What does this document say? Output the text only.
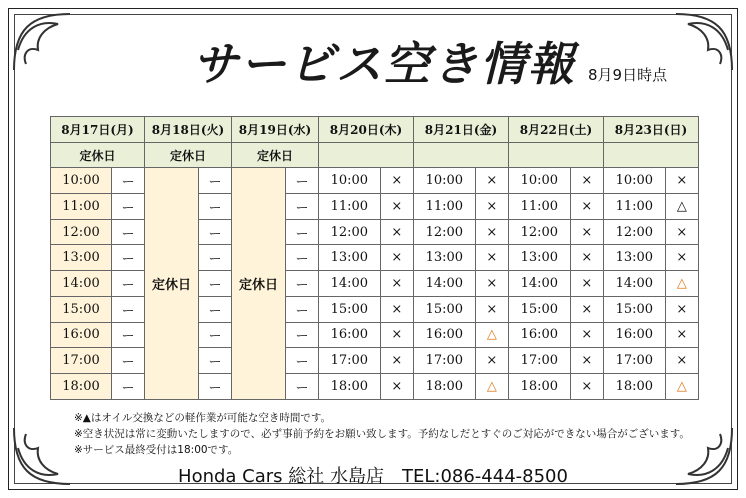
サービス空き情報 8月9日時点
8月17日(月)		8月18日(火)		8月19日(水)		8月20日(木)		8月21日(金)		8月22日(土)		8月23日(日)	
定休日		定休日		定休日									
10:00	ー	定休日	ー	定休日	ー	10:00	×	10:00	×	10:00	×	10:00	×
11:00	ー		ー		ー	11:00	×	11:00	×	11:00	×	11:00	△
12:00	ー		ー		ー	12:00	×	12:00	×	12:00	×	12:00	×
13:00	ー		ー		ー	13:00	×	13:00	×	13:00	×	13:00	×
14:00	ー		ー		ー	14:00	×	14:00	×	14:00	×	14:00	△
15:00	ー		ー		ー	15:00	×	15:00	×	15:00	×	15:00	×
16:00	ー		ー		ー	16:00	×	16:00	△	16:00	×	16:00	×
17:00	ー		ー		ー	17:00	×	17:00	×	17:00	×	17:00	×
18:00	ー		ー		ー	18:00	×	18:00	△	18:00	×	18:00	△
※▲はオイル交換などの軽作業が可能な空き時間です。
※空き状況は常に変動いたしますので、必ず事前予約をお願い致します。予約なしだとすぐのご対応ができない場合がございます。
※サービス最終受付は18:00です。
Honda Cars 総社 水島店　TEL:086-444-8500
